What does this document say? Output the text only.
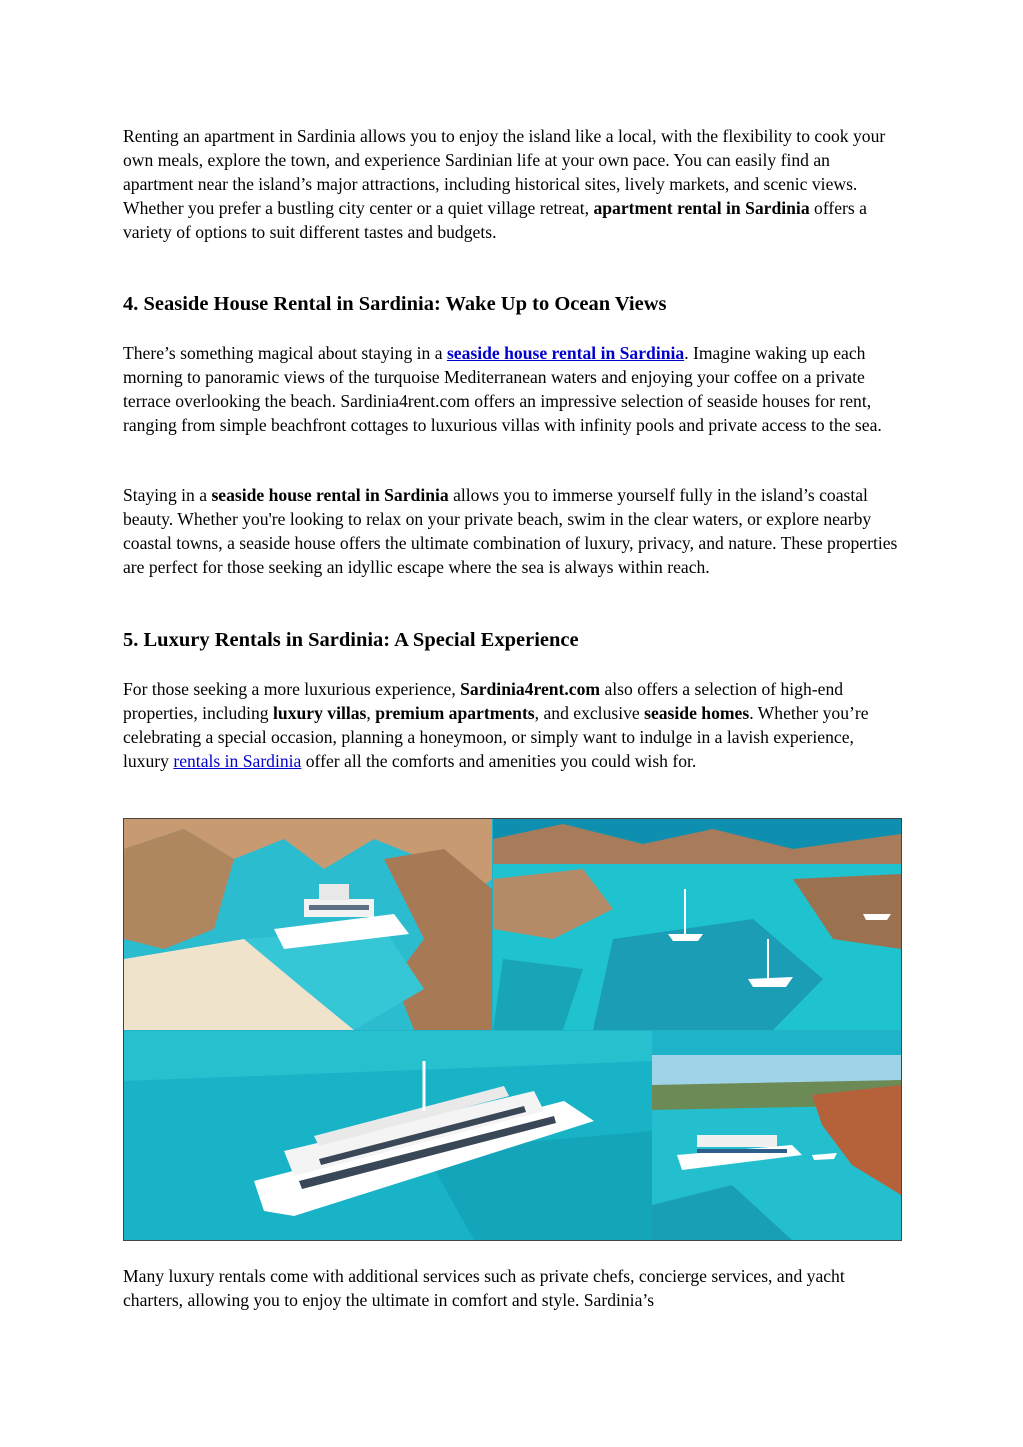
Renting an apartment in Sardinia allows you to enjoy the island like a local, with the flexibility to cook your own meals, explore the town, and experience Sardinian life at your own pace. You can easily find an apartment near the island’s major attractions, including historical sites, lively markets, and scenic views. Whether you prefer a bustling city center or a quiet village retreat, apartment rental in Sardinia offers a variety of options to suit different tastes and budgets.

4. Seaside House Rental in Sardinia: Wake Up to Ocean Views

There’s something magical about staying in a seaside house rental in Sardinia. Imagine waking up each morning to panoramic views of the turquoise Mediterranean waters and enjoying your coffee on a private terrace overlooking the beach. Sardinia4rent.com offers an impressive selection of seaside houses for rent, ranging from simple beachfront cottages to luxurious villas with infinity pools and private access to the sea.

Staying in a seaside house rental in Sardinia allows you to immerse yourself fully in the island’s coastal beauty. Whether you're looking to relax on your private beach, swim in the clear waters, or explore nearby coastal towns, a seaside house offers the ultimate combination of luxury, privacy, and nature. These properties are perfect for those seeking an idyllic escape where the sea is always within reach.

5. Luxury Rentals in Sardinia: A Special Experience

For those seeking a more luxurious experience, Sardinia4rent.com also offers a selection of high-end properties, including luxury villas, premium apartments, and exclusive seaside homes. Whether you’re celebrating a special occasion, planning a honeymoon, or simply want to indulge in a lavish experience, luxury rentals in Sardinia offer all the comforts and amenities you could wish for.

Many luxury rentals come with additional services such as private chefs, concierge services, and yacht charters, allowing you to enjoy the ultimate in comfort and style. Sardinia’s
